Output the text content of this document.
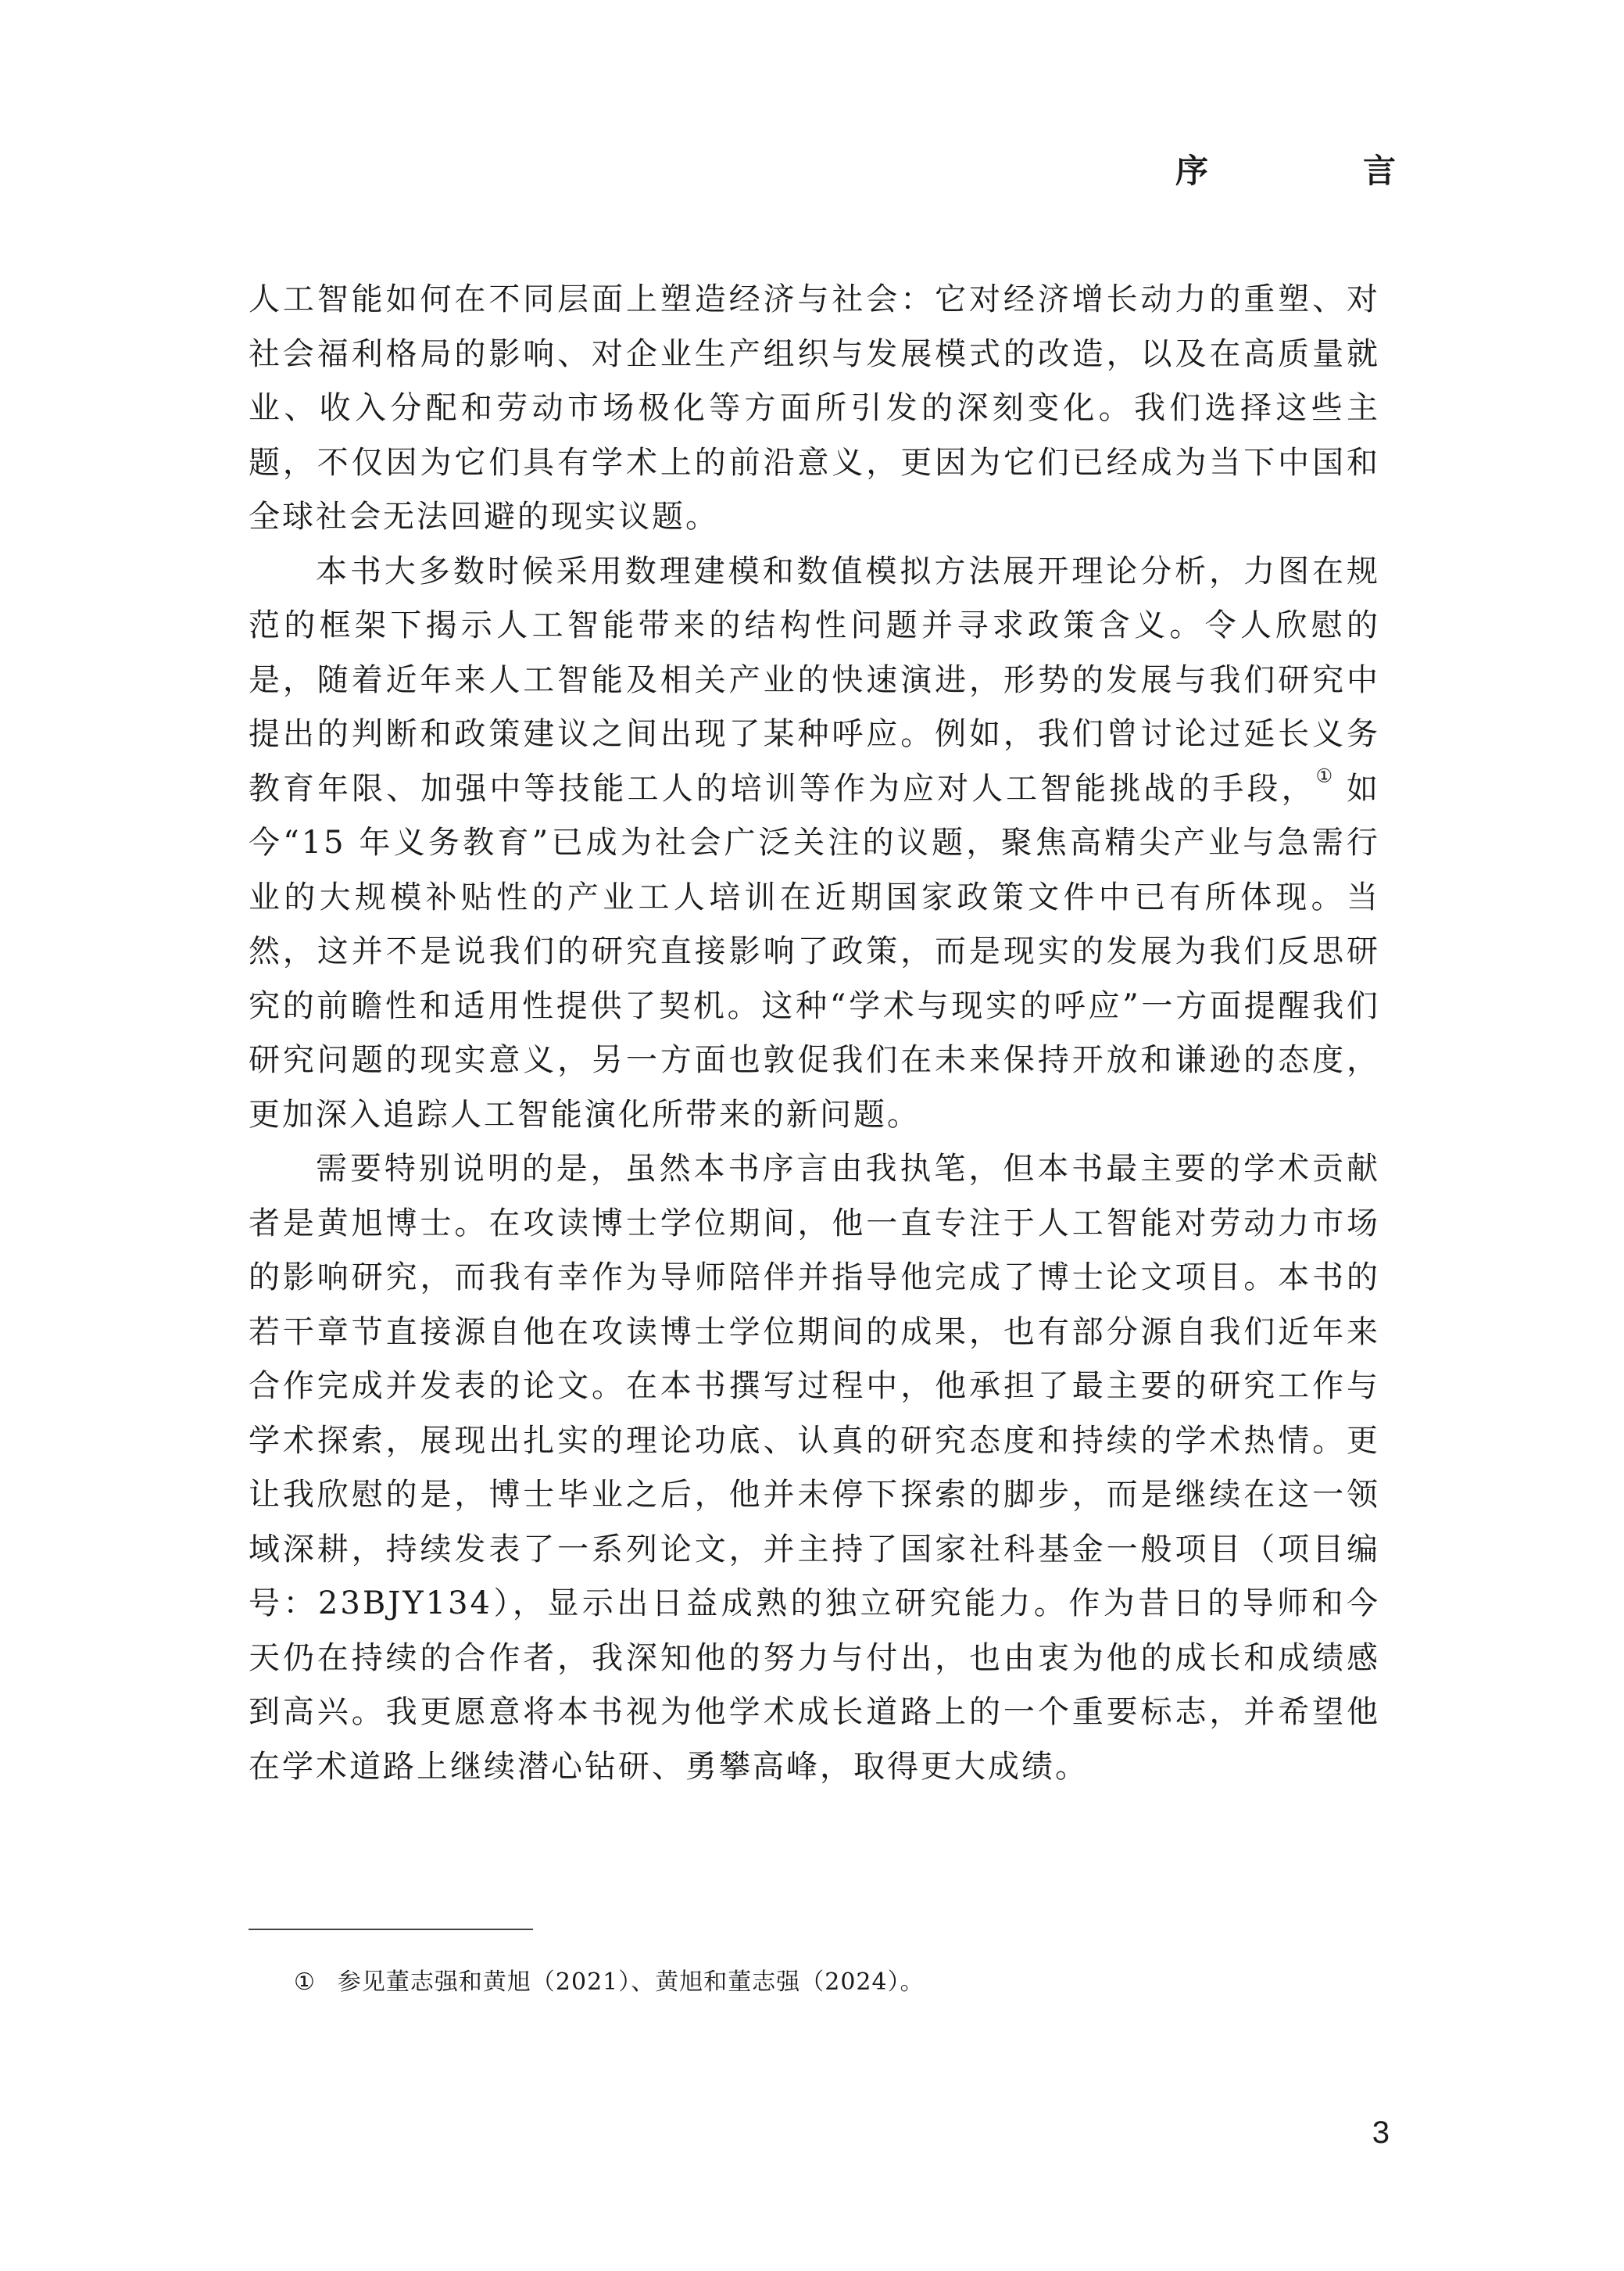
序　言

人工智能如何在不同层面上塑造经济与社会：它对经济增长动力的重塑、对社会福利格局的影响、对企业生产组织与发展模式的改造，以及在高质量就业、收入分配和劳动市场极化等方面所引发的深刻变化。我们选择这些主题，不仅因为它们具有学术上的前沿意义，更因为它们已经成为当下中国和全球社会无法回避的现实议题。

本书大多数时候采用数理建模和数值模拟方法展开理论分析，力图在规范的框架下揭示人工智能带来的结构性问题并寻求政策含义。令人欣慰的是，随着近年来人工智能及相关产业的快速演进，形势的发展与我们研究中提出的判断和政策建议之间出现了某种呼应。例如，我们曾讨论过延长义务教育年限、加强中等技能工人的培训等作为应对人工智能挑战的手段，① 如今“15 年义务教育”已成为社会广泛关注的议题，聚焦高精尖产业与急需行业的大规模补贴性的产业工人培训在近期国家政策文件中已有所体现。当然，这并不是说我们的研究直接影响了政策，而是现实的发展为我们反思研究的前瞻性和适用性提供了契机。这种“学术与现实的呼应”一方面提醒我们研究问题的现实意义，另一方面也敦促我们在未来保持开放和谦逊的态度，更加深入追踪人工智能演化所带来的新问题。

需要特别说明的是，虽然本书序言由我执笔，但本书最主要的学术贡献者是黄旭博士。在攻读博士学位期间，他一直专注于人工智能对劳动力市场的影响研究，而我有幸作为导师陪伴并指导他完成了博士论文项目。本书的若干章节直接源自他在攻读博士学位期间的成果，也有部分源自我们近年来合作完成并发表的论文。在本书撰写过程中，他承担了最主要的研究工作与学术探索，展现出扎实的理论功底、认真的研究态度和持续的学术热情。更让我欣慰的是，博士毕业之后，他并未停下探索的脚步，而是继续在这一领域深耕，持续发表了一系列论文，并主持了国家社科基金一般项目（项目编号：23BJY134），显示出日益成熟的独立研究能力。作为昔日的导师和今天仍在持续的合作者，我深知他的努力与付出，也由衷为他的成长和成绩感到高兴。我更愿意将本书视为他学术成长道路上的一个重要标志，并希望他在学术道路上继续潜心钻研、勇攀高峰，取得更大成绩。

① 参见董志强和黄旭（2021）、黄旭和董志强（2024）。
3
